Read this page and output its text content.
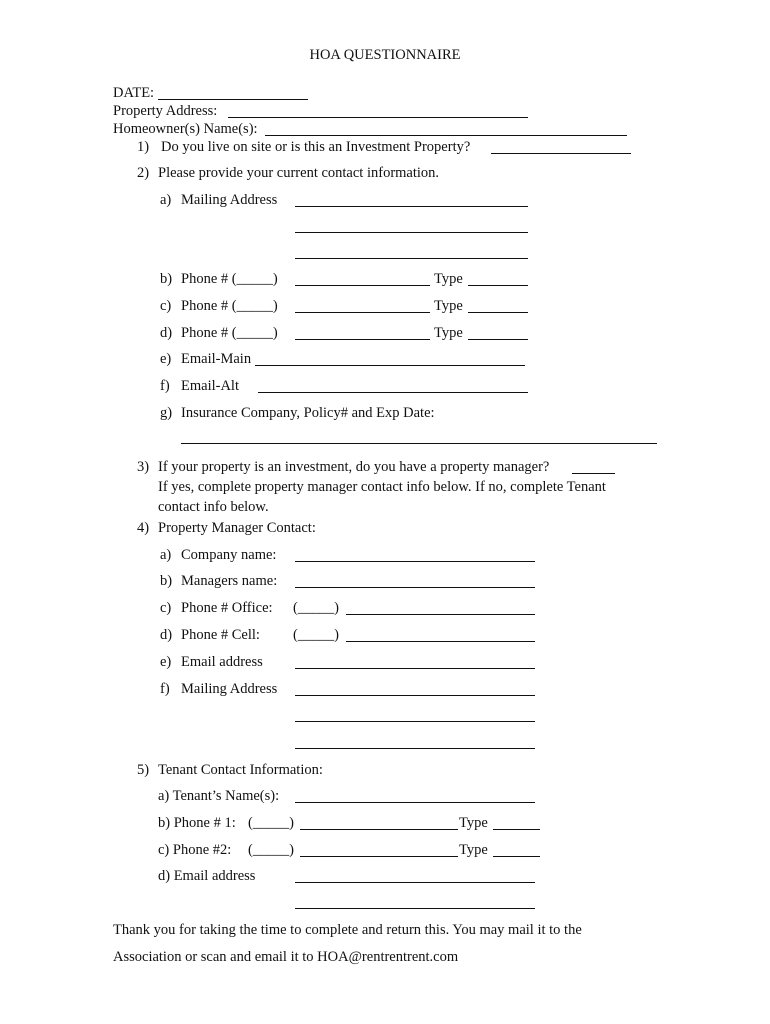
HOA QUESTIONNAIRE
DATE:
Property Address:
Homeowner(s) Name(s):
1) Do you live on site or is this an Investment Property?
2) Please provide your current contact information.
a) Mailing Address
b) Phone # (_____)	Type
c) Phone # (_____)	Type
d) Phone # (_____)	Type
e) Email-Main
f) Email-Alt
g) Insurance Company, Policy# and Exp Date:
3) If your property is an investment, do you have a property manager?
If yes, complete property manager contact info below. If no, complete Tenant
contact info below.
4) Property Manager Contact:
a) Company name:
b) Managers name:
c) Phone # Office: (_____)
d) Phone # Cell: (_____)
e) Email address
f) Mailing Address
5) Tenant Contact Information:
a) Tenant’s Name(s):
b) Phone # 1: (_____)	Type
c) Phone #2: (_____)	Type
d) Email address
Thank you for taking the time to complete and return this. You may mail it to the
Association or scan and email it to HOA@rentrentrent.com
